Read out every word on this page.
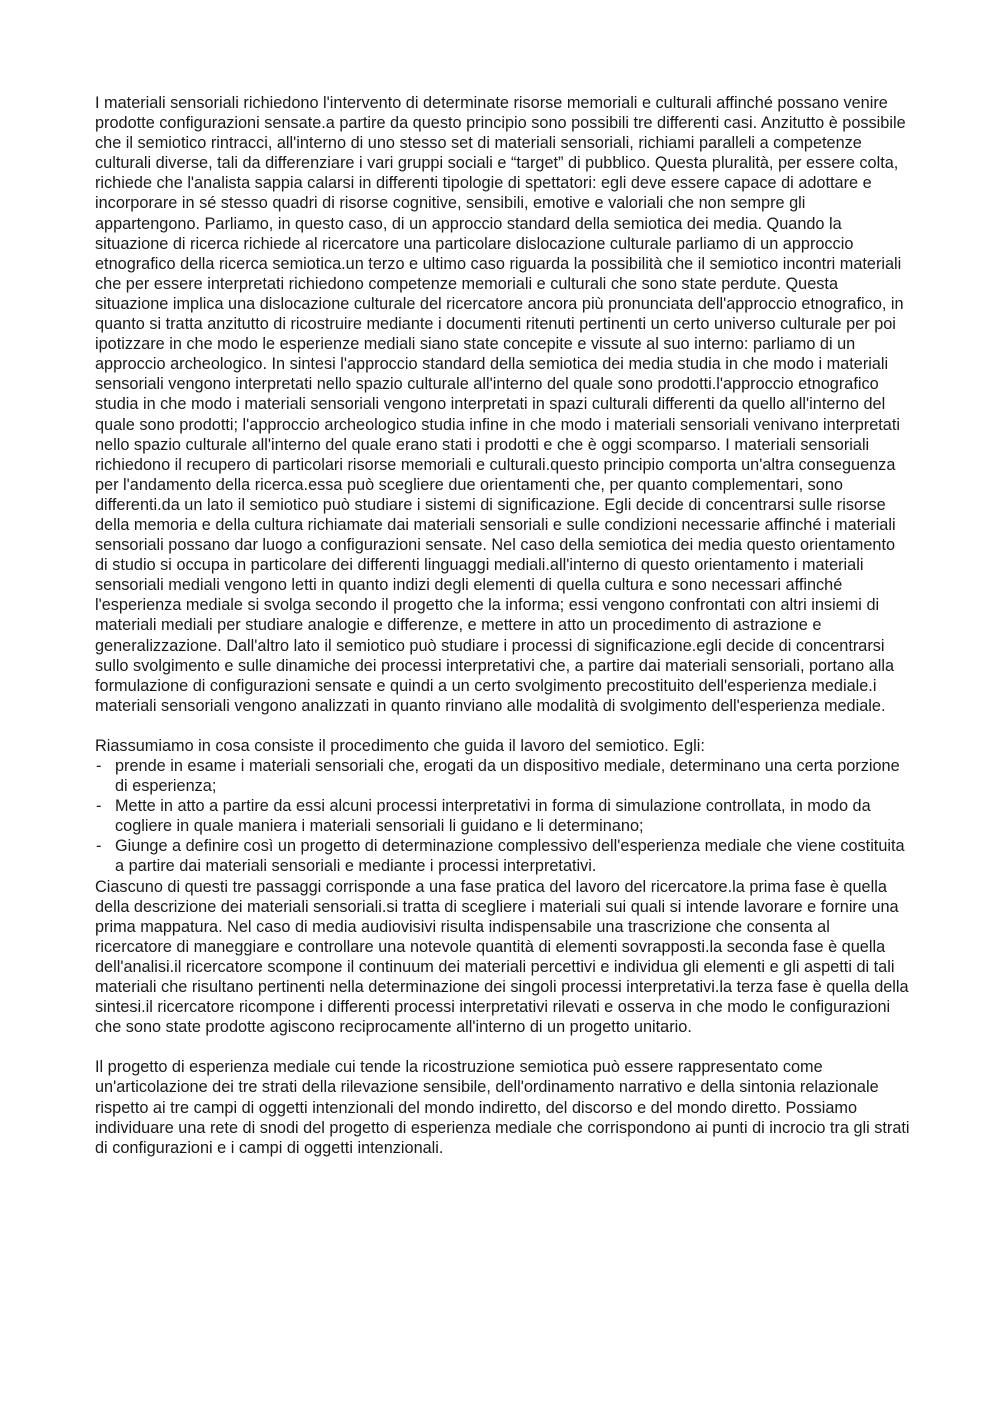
I materiali sensoriali richiedono l'intervento di determinate risorse memoriali e culturali affinché possano venire prodotte configurazioni sensate.a partire da questo principio sono possibili tre differenti casi. Anzitutto è possibile che il semiotico rintracci, all'interno di uno stesso set di materiali sensoriali, richiami paralleli a competenze culturali diverse, tali da differenziare i vari gruppi sociali e “target” di pubblico. Questa pluralità, per essere colta, richiede che l'analista sappia calarsi in differenti tipologie di spettatori: egli deve essere capace di adottare e incorporare in sé stesso quadri di risorse cognitive, sensibili, emotive e valoriali che non sempre gli appartengono. Parliamo, in questo caso, di un approccio standard della semiotica dei media. Quando la situazione di ricerca richiede al ricercatore una particolare dislocazione culturale parliamo di un approccio etnografico della ricerca semiotica.un terzo e ultimo caso riguarda la possibilità che il semiotico incontri materiali che per essere interpretati richiedono competenze memoriali e culturali che sono state perdute. Questa situazione implica una dislocazione culturale del ricercatore ancora più pronunciata dell'approccio etnografico, in quanto si tratta anzitutto di ricostruire mediante i documenti ritenuti pertinenti un certo universo culturale per poi ipotizzare in che modo le esperienze mediali siano state concepite e vissute al suo interno: parliamo di un approccio archeologico. In sintesi l'approccio standard della semiotica dei media studia in che modo i materiali sensoriali vengono interpretati nello spazio culturale all'interno del quale sono prodotti.l'approccio etnografico studia in che modo i materiali sensoriali vengono interpretati in spazi culturali differenti da quello all'interno del quale sono prodotti; l'approccio archeologico studia infine in che modo i materiali sensoriali venivano interpretati nello spazio culturale all'interno del quale erano stati i prodotti e che è oggi scomparso. I materiali sensoriali richiedono il recupero di particolari risorse memoriali e culturali.questo principio comporta un'altra conseguenza per l'andamento della ricerca.essa può scegliere due orientamenti che, per quanto complementari, sono differenti.da un lato il semiotico può studiare i sistemi di significazione. Egli decide di concentrarsi sulle risorse della memoria e della cultura richiamate dai materiali sensoriali e sulle condizioni necessarie affinché i materiali sensoriali possano dar luogo a configurazioni sensate. Nel caso della semiotica dei media questo orientamento di studio si occupa in particolare dei differenti linguaggi mediali.all'interno di questo orientamento i materiali sensoriali mediali vengono letti in quanto indizi degli elementi di quella cultura e sono necessari affinché l'esperienza mediale si svolga secondo il progetto che la informa; essi vengono confrontati con altri insiemi di materiali mediali per studiare analogie e differenze, e mettere in atto un procedimento di astrazione e generalizzazione. Dall'altro lato il semiotico può studiare i processi di significazione.egli decide di concentrarsi sullo svolgimento e sulle dinamiche dei processi interpretativi che, a partire dai materiali sensoriali, portano alla formulazione di configurazioni sensate e quindi a un certo svolgimento precostituito dell'esperienza mediale.i materiali sensoriali vengono analizzati in quanto rinviano alle modalità di svolgimento dell'esperienza mediale.

Riassumiamo in cosa consiste il procedimento che guida il lavoro del semiotico. Egli:

- prende in esame i materiali sensoriali che, erogati da un dispositivo mediale, determinano una certa porzione di esperienza;
- Mette in atto a partire da essi alcuni processi interpretativi in forma di simulazione controllata, in modo da cogliere in quale maniera i materiali sensoriali li guidano e li determinano;
- Giunge a definire così un progetto di determinazione complessivo dell'esperienza mediale che viene costituita a partire dai materiali sensoriali e mediante i processi interpretativi.

Ciascuno di questi tre passaggi corrisponde a una fase pratica del lavoro del ricercatore.la prima fase è quella della descrizione dei materiali sensoriali.si tratta di scegliere i materiali sui quali si intende lavorare e fornire una prima mappatura. Nel caso di media audiovisivi risulta indispensabile una trascrizione che consenta al ricercatore di maneggiare e controllare una notevole quantità di elementi sovrapposti.la seconda fase è quella dell'analisi.il ricercatore scompone il continuum dei materiali percettivi e individua gli elementi e gli aspetti di tali materiali che risultano pertinenti nella determinazione dei singoli processi interpretativi.la terza fase è quella della sintesi.il ricercatore ricompone i differenti processi interpretativi rilevati e osserva in che modo le configurazioni che sono state prodotte agiscono reciprocamente all'interno di un progetto unitario.

Il progetto di esperienza mediale cui tende la ricostruzione semiotica può essere rappresentato come un'articolazione dei tre strati della rilevazione sensibile, dell'ordinamento narrativo e della sintonia relazionale rispetto ai tre campi di oggetti intenzionali del mondo indiretto, del discorso e del mondo diretto. Possiamo individuare una rete di snodi del progetto di esperienza mediale che corrispondono ai punti di incrocio tra gli strati di configurazioni e i campi di oggetti intenzionali.
